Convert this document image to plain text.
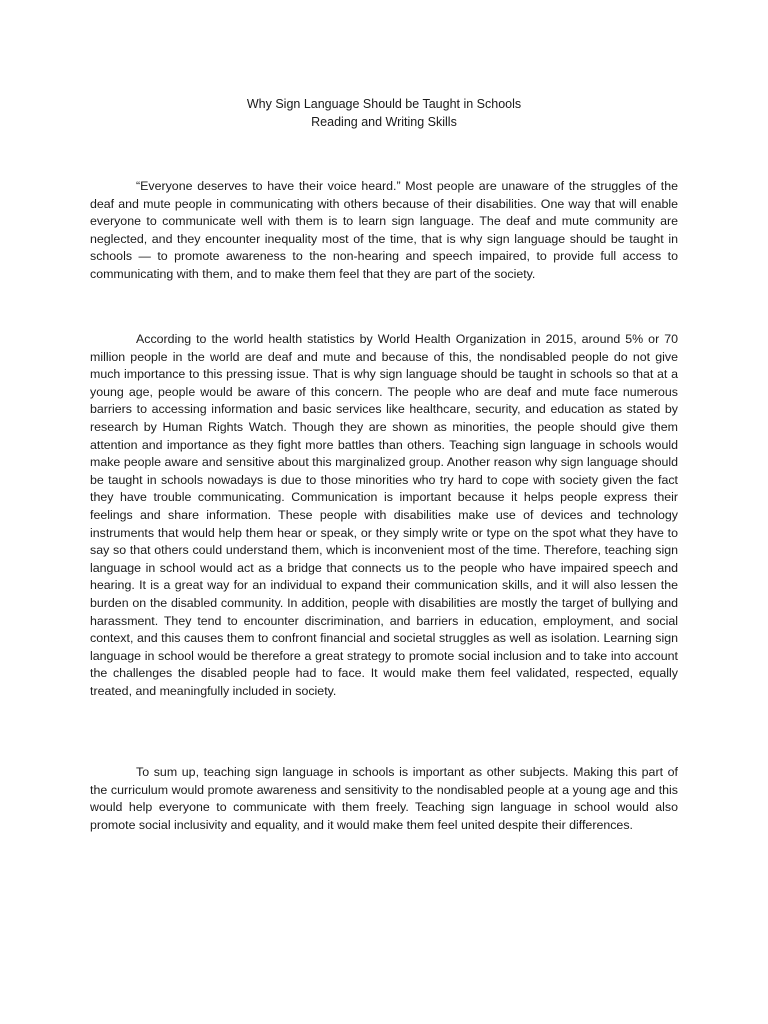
Why Sign Language Should be Taught in Schools
Reading and Writing Skills

“Everyone deserves to have their voice heard.” Most people are unaware of the struggles of the deaf and mute people in communicating with others because of their disabilities. One way that will enable everyone to communicate well with them is to learn sign language. The deaf and mute community are neglected, and they encounter inequality most of the time, that is why sign language should be taught in schools — to promote awareness to the non-hearing and speech impaired, to provide full access to communicating with them, and to make them feel that they are part of the society.

According to the world health statistics by World Health Organization in 2015, around 5% or 70 million people in the world are deaf and mute and because of this, the nondisabled people do not give much importance to this pressing issue. That is why sign language should be taught in schools so that at a young age, people would be aware of this concern. The people who are deaf and mute face numerous barriers to accessing information and basic services like healthcare, security, and education as stated by research by Human Rights Watch. Though they are shown as minorities, the people should give them attention and importance as they fight more battles than others. Teaching sign language in schools would make people aware and sensitive about this marginalized group. Another reason why sign language should be taught in schools nowadays is due to those minorities who try hard to cope with society given the fact they have trouble communicating. Communication is important because it helps people express their feelings and share information. These people with disabilities make use of devices and technology instruments that would help them hear or speak, or they simply write or type on the spot what they have to say so that others could understand them, which is inconvenient most of the time. Therefore, teaching sign language in school would act as a bridge that connects us to the people who have impaired speech and hearing. It is a great way for an individual to expand their communication skills, and it will also lessen the burden on the disabled community. In addition, people with disabilities are mostly the target of bullying and harassment. They tend to encounter discrimination, and barriers in education, employment, and social context, and this causes them to confront financial and societal struggles as well as isolation. Learning sign language in school would be therefore a great strategy to promote social inclusion and to take into account the challenges the disabled people had to face. It would make them feel validated, respected, equally treated, and meaningfully included in society.

To sum up, teaching sign language in schools is important as other subjects. Making this part of the curriculum would promote awareness and sensitivity to the nondisabled people at a young age and this would help everyone to communicate with them freely. Teaching sign language in school would also promote social inclusivity and equality, and it would make them feel united despite their differences.
